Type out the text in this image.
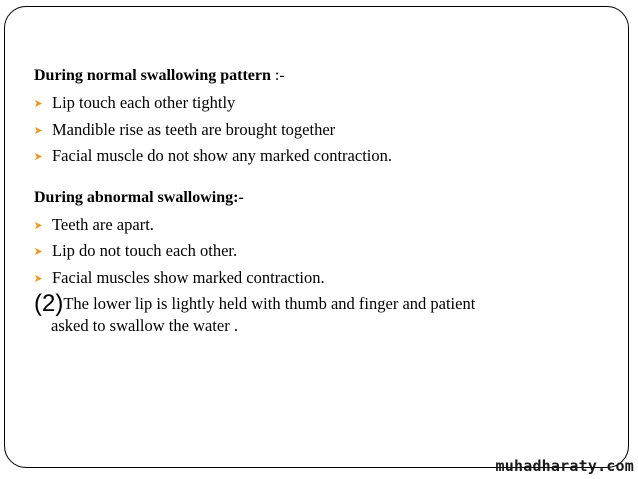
During normal swallowing pattern :-

Lip touch each other tightly
Mandible rise as teeth are brought together
Facial muscle do not show any marked contraction.

During abnormal swallowing:-

Teeth are apart.
Lip do not touch each other.
Facial muscles show marked contraction.
(2)The lower lip is lightly held with thumb and finger and patient
asked to swallow the water .
muhadharaty.com
